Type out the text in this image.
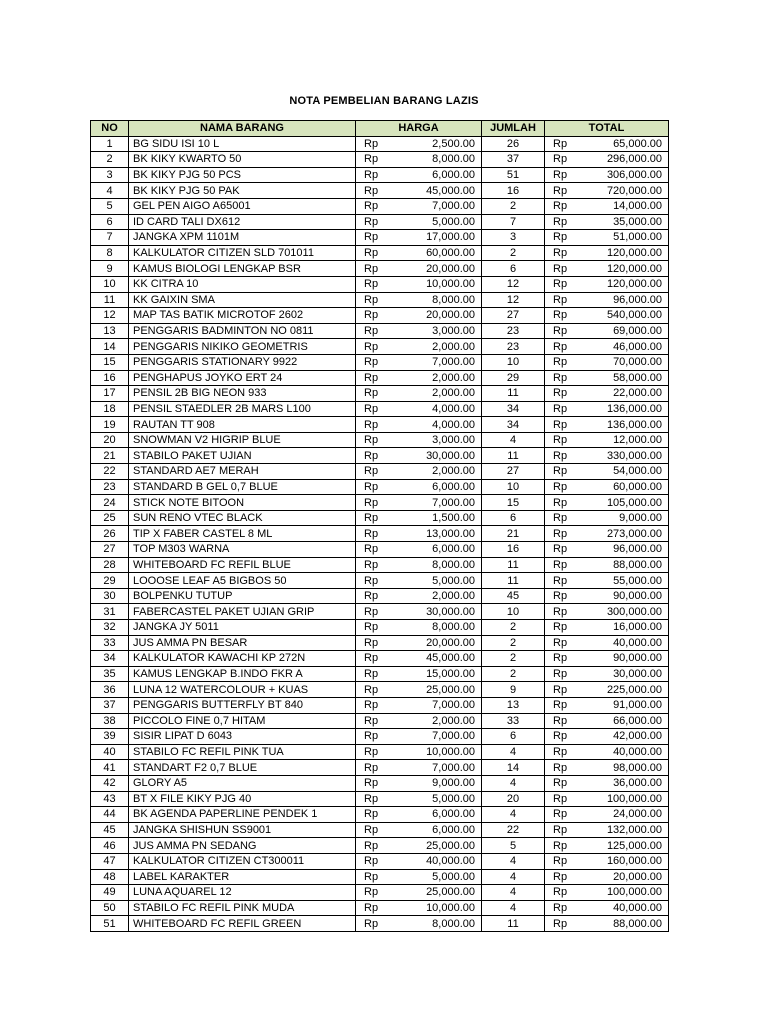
NOTA PEMBELIAN BARANG LAZIS
NO	NAMA BARANG	HARGA		JUMLAH	TOTAL	
1	BG SIDU ISI 10 L	Rp	2,500.00	26	Rp	65,000.00
2	BK KIKY KWARTO 50	Rp	8,000.00	37	Rp	296,000.00
3	BK KIKY PJG 50 PCS	Rp	6,000.00	51	Rp	306,000.00
4	BK KIKY PJG 50 PAK	Rp	45,000.00	16	Rp	720,000.00
5	GEL PEN AIGO A65001	Rp	7,000.00	2	Rp	14,000.00
6	ID CARD TALI DX612	Rp	5,000.00	7	Rp	35,000.00
7	JANGKA XPM 1101M	Rp	17,000.00	3	Rp	51,000.00
8	KALKULATOR CITIZEN SLD 701011	Rp	60,000.00	2	Rp	120,000.00
9	KAMUS BIOLOGI LENGKAP BSR	Rp	20,000.00	6	Rp	120,000.00
10	KK CITRA 10	Rp	10,000.00	12	Rp	120,000.00
11	KK GAIXIN SMA	Rp	8,000.00	12	Rp	96,000.00
12	MAP TAS BATIK MICROTOF 2602	Rp	20,000.00	27	Rp	540,000.00
13	PENGGARIS BADMINTON NO 0811	Rp	3,000.00	23	Rp	69,000.00
14	PENGGARIS NIKIKO GEOMETRIS	Rp	2,000.00	23	Rp	46,000.00
15	PENGGARIS STATIONARY 9922	Rp	7,000.00	10	Rp	70,000.00
16	PENGHAPUS JOYKO ERT 24	Rp	2,000.00	29	Rp	58,000.00
17	PENSIL 2B BIG NEON 933	Rp	2,000.00	11	Rp	22,000.00
18	PENSIL STAEDLER 2B MARS L100	Rp	4,000.00	34	Rp	136,000.00
19	RAUTAN TT 908	Rp	4,000.00	34	Rp	136,000.00
20	SNOWMAN V2 HIGRIP BLUE	Rp	3,000.00	4	Rp	12,000.00
21	STABILO PAKET UJIAN	Rp	30,000.00	11	Rp	330,000.00
22	STANDARD AE7 MERAH	Rp	2,000.00	27	Rp	54,000.00
23	STANDARD B GEL 0,7 BLUE	Rp	6,000.00	10	Rp	60,000.00
24	STICK NOTE BITOON	Rp	7,000.00	15	Rp	105,000.00
25	SUN RENO VTEC BLACK	Rp	1,500.00	6	Rp	9,000.00
26	TIP X FABER CASTEL 8 ML	Rp	13,000.00	21	Rp	273,000.00
27	TOP M303 WARNA	Rp	6,000.00	16	Rp	96,000.00
28	WHITEBOARD FC REFIL BLUE	Rp	8,000.00	11	Rp	88,000.00
29	LOOOSE LEAF A5 BIGBOS 50	Rp	5,000.00	11	Rp	55,000.00
30	BOLPENKU TUTUP	Rp	2,000.00	45	Rp	90,000.00
31	FABERCASTEL PAKET UJIAN GRIP	Rp	30,000.00	10	Rp	300,000.00
32	JANGKA JY 5011	Rp	8,000.00	2	Rp	16,000.00
33	JUS AMMA PN BESAR	Rp	20,000.00	2	Rp	40,000.00
34	KALKULATOR KAWACHI KP 272N	Rp	45,000.00	2	Rp	90,000.00
35	KAMUS LENGKAP B.INDO FKR A	Rp	15,000.00	2	Rp	30,000.00
36	LUNA 12 WATERCOLOUR + KUAS	Rp	25,000.00	9	Rp	225,000.00
37	PENGGARIS BUTTERFLY BT 840	Rp	7,000.00	13	Rp	91,000.00
38	PICCOLO FINE 0,7 HITAM	Rp	2,000.00	33	Rp	66,000.00
39	SISIR LIPAT D 6043	Rp	7,000.00	6	Rp	42,000.00
40	STABILO FC REFIL PINK TUA	Rp	10,000.00	4	Rp	40,000.00
41	STANDART F2 0,7 BLUE	Rp	7,000.00	14	Rp	98,000.00
42	GLORY A5	Rp	9,000.00	4	Rp	36,000.00
43	BT X FILE KIKY PJG 40	Rp	5,000.00	20	Rp	100,000.00
44	BK AGENDA PAPERLINE PENDEK 1	Rp	6,000.00	4	Rp	24,000.00
45	JANGKA SHISHUN SS9001	Rp	6,000.00	22	Rp	132,000.00
46	JUS AMMA PN SEDANG	Rp	25,000.00	5	Rp	125,000.00
47	KALKULATOR CITIZEN CT300011	Rp	40,000.00	4	Rp	160,000.00
48	LABEL KARAKTER	Rp	5,000.00	4	Rp	20,000.00
49	LUNA AQUAREL 12	Rp	25,000.00	4	Rp	100,000.00
50	STABILO FC REFIL PINK MUDA	Rp	10,000.00	4	Rp	40,000.00
51	WHITEBOARD FC REFIL GREEN	Rp	8,000.00	11	Rp	88,000.00
